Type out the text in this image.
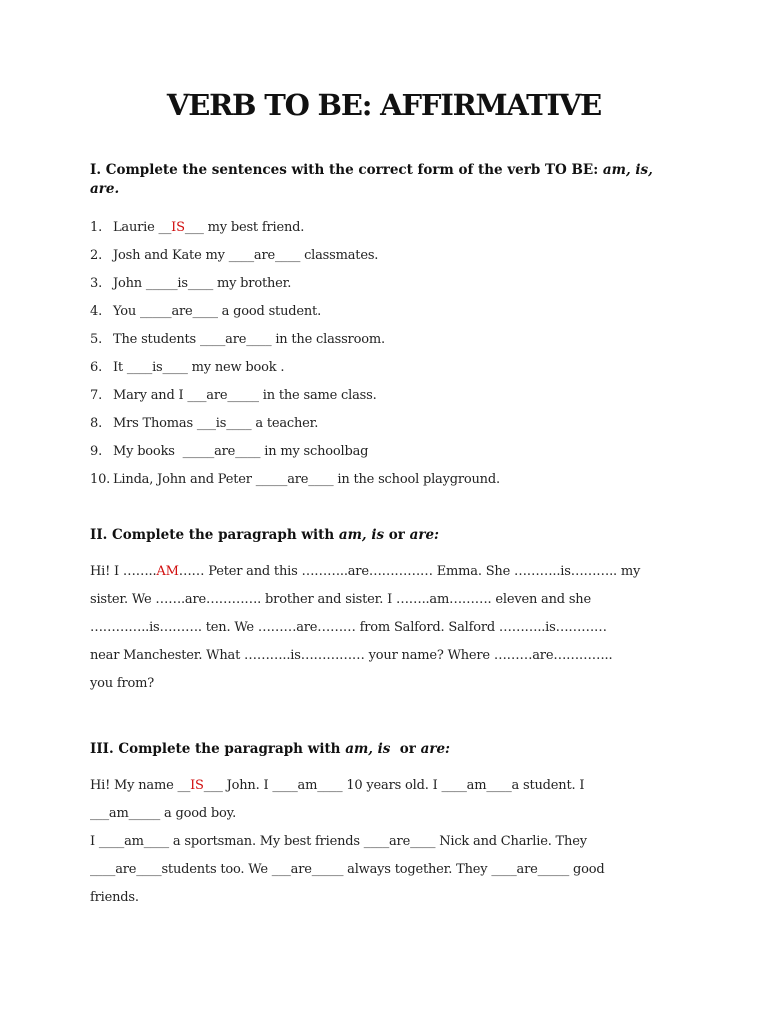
VERB TO BE: AFFIRMATIVE
I. Complete the sentences with the correct form of the verb TO BE: am, is,
are.
1. Laurie __IS___ my best friend.
2. Josh and Kate my ____are____ classmates.
3. John _____is____ my brother.
4. You _____are____ a good student.
5. The students ____are____ in the classroom.
6. It ____is____ my new book .
7. Mary and I ___are_____ in the same class.
8. Mrs Thomas ___is____ a teacher.
9. My books  _____are____ in my schoolbag
10. Linda, John and Peter _____are____ in the school playground.
II. Complete the paragraph with am, is or are:
Hi! I ……..AM…… Peter and this ………..are…………… Emma. She ………..is……….. my
sister. We …….are…………. brother and sister. I ……..am………. eleven and she
…………..is………. ten. We ………are……… from Salford. Salford ………..is…………
near Manchester. What ………..is…………… your name? Where ………are…………..
you from?
III. Complete the paragraph with am, is  or are:
Hi! My name __IS___ John. I ____am____ 10 years old. I ____am____a student. I
___am_____ a good boy.
I ____am____ a sportsman. My best friends ____are____ Nick and Charlie. They
____are____students too. We ___are_____ always together. They ____are_____ good
friends.
